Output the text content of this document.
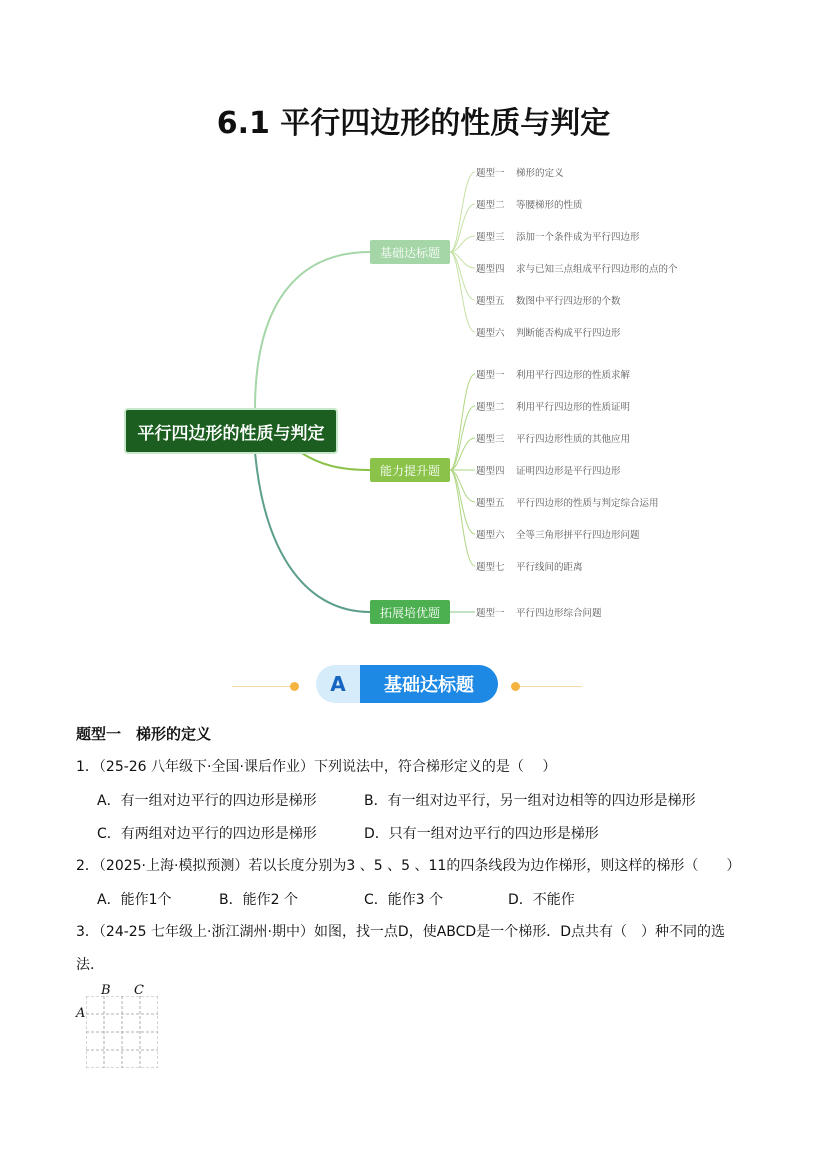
6.1 平行四边形的性质与判定
平行四边形的性质与判定
基础达标题
能力提升题
拓展培优题
题型一 梯形的定义
题型二 等腰梯形的性质
题型三 添加一个条件成为平行四边形
题型四 求与已知三点组成平行四边形的点的个
题型五 数图中平行四边形的个数
题型六 判断能否构成平行四边形
题型一 利用平行四边形的性质求解
题型二 利用平行四边形的性质证明
题型三 平行四边形性质的其他应用
题型四 证明四边形是平行四边形
题型五 平行四边形的性质与判定综合运用
题型六 全等三角形拼平行四边形问题
题型七 平行线间的距离
题型一 平行四边形综合问题
A	基础达标题
题型一　梯形的定义
1．（25-26 八年级下·全国·课后作业）下列说法中，符合梯形定义的是（　 ）
A．有一组对边平行的四边形是梯形	B．有一组对边平行，另一组对边相等的四边形是梯形
C．有两组对边平行的四边形是梯形	D．只有一组对边平行的四边形是梯形
2．（2025·上海·模拟预测）若以长度分别为3 、5 、5 、11的四条线段为边作梯形，则这样的梯形（　　）
A．能作1个	B．能作2 个	C．能作3 个	D．不能作
3．（24-25 七年级上·浙江湖州·期中）如图，找一点D，使ABCD是一个梯形．D点共有（　）种不同的选
法．
A
B C
